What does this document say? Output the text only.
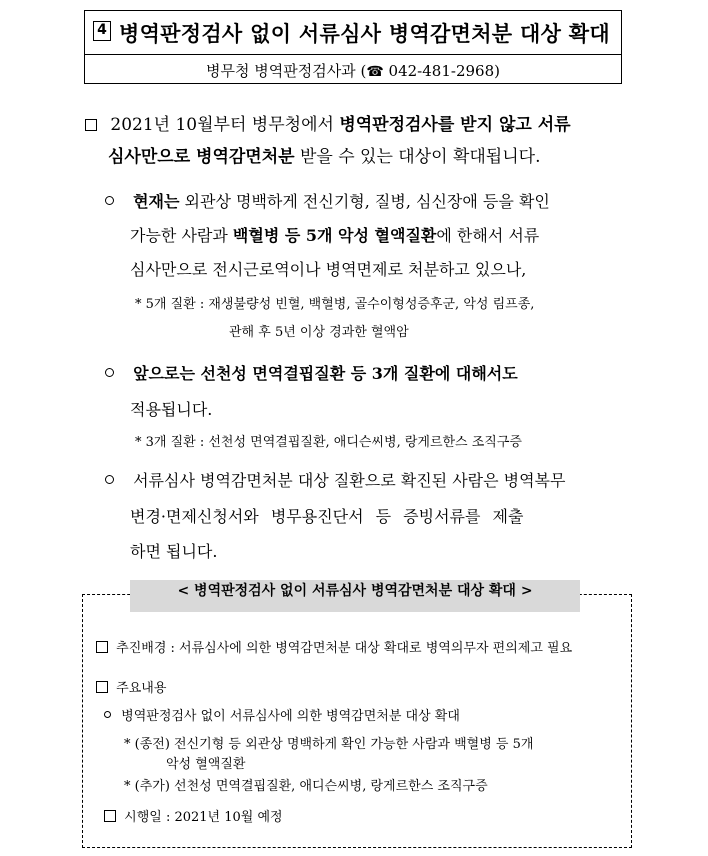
4 병역판정검사 없이 서류심사 병역감면처분 대상 확대
병무청 병역판정검사과 (☎ 042-481-2968)
2021년 10월부터 병무청에서 병역판정검사를 받지 않고 서류
심사만으로 병역감면처분 받을 수 있는 대상이 확대됩니다.
현재는 외관상 명백하게 전신기형, 질병, 심신장애 등을 확인
가능한 사람과 백혈병 등 5개 악성 혈액질환에 한해서 서류
심사만으로 전시근로역이나 병역면제로 처분하고 있으나,
* 5개 질환 : 재생불량성 빈혈, 백혈병, 골수이형성증후군, 악성 림프종,
관해 후 5년 이상 경과한 혈액암
앞으로는 선천성 면역결핍질환 등 3개 질환에 대해서도
적용됩니다.
* 3개 질환 : 선천성 면역결핍질환, 애디슨씨병, 랑게르한스 조직구증
서류심사 병역감면처분 대상 질환으로 확진된 사람은 병역복무
변경·면제신청서와 병무용진단서 등 증빙서류를 제출
하면 됩니다.
< 병역판정검사 없이 서류심사 병역감면처분 대상 확대 >
추진배경 : 서류심사에 의한 병역감면처분 대상 확대로 병역의무자 편의제고 필요
주요내용
병역판정검사 없이 서류심사에 의한 병역감면처분 대상 확대
* (종전) 전신기형 등 외관상 명백하게 확인 가능한 사람과 백혈병 등 5개
악성 혈액질환
* (추가) 선천성 면역결핍질환, 애디슨씨병, 랑게르한스 조직구증
시행일 : 2021년 10월 예정
